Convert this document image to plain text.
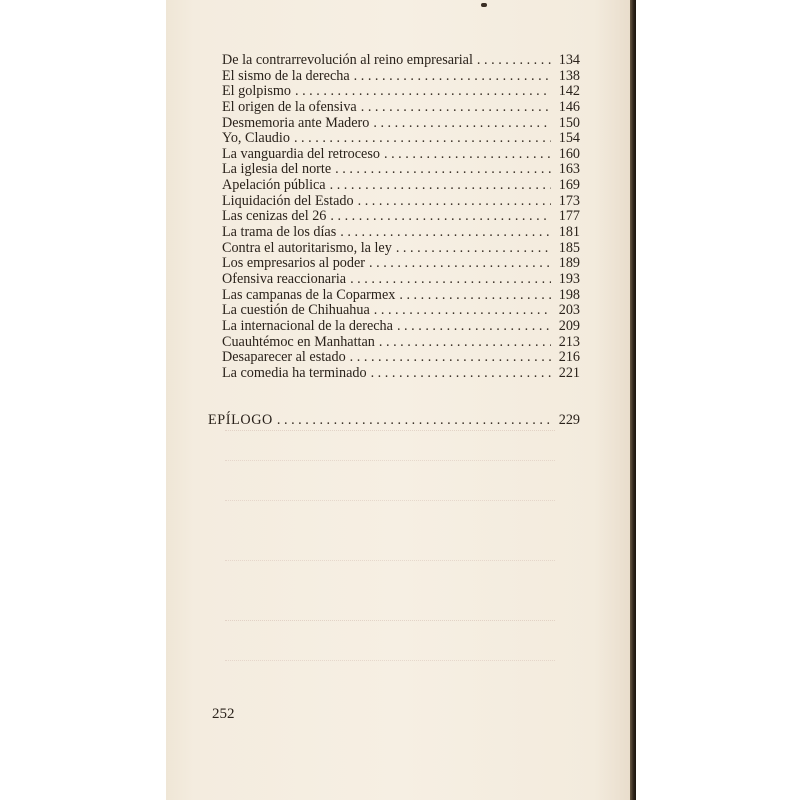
De la contrarrevolución al reino empresarial . . .	134
El sismo de la derecha . . .	138
El golpismo . . .	142
El origen de la ofensiva . . .	146
Desmemoria ante Madero . . .	150
Yo, Claudio . . .	154
La vanguardia del retroceso . . .	160
La iglesia del norte . . .	163
Apelación pública . . .	169
Liquidación del Estado . . .	173
Las cenizas del 26 . . .	177
La trama de los días . . .	181
Contra el autoritarismo, la ley . . .	185
Los empresarios al poder . . .	189
Ofensiva reaccionaria . . .	193
Las campanas de la Coparmex . . .	198
La cuestión de Chihuahua . . .	203
La internacional de la derecha . . .	209
Cuauhtémoc en Manhattan . . .	213
Desaparecer al estado . . .	216
La comedia ha terminado . . .	221
EPÍLOGO . . .	229
252
